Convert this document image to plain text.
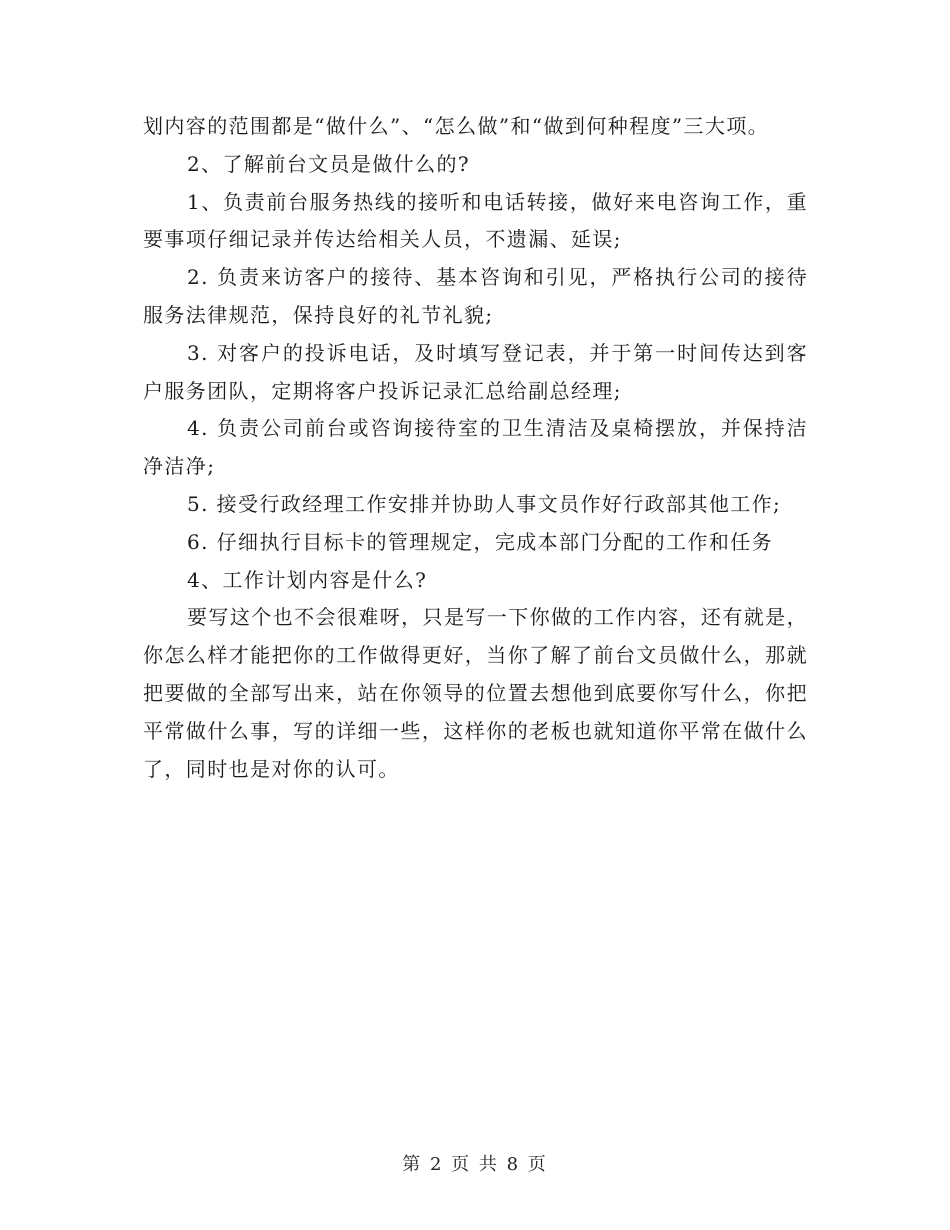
划内容的范围都是“做什么”、“怎么做”和“做到何种程度”三大项。

2、了解前台文员是做什么的?

1、负责前台服务热线的接听和电话转接，做好来电咨询工作，重要事项仔细记录并传达给相关人员，不遗漏、延误;

2. 负责来访客户的接待、基本咨询和引见，严格执行公司的接待服务法律规范，保持良好的礼节礼貌;

3. 对客户的投诉电话，及时填写登记表，并于第一时间传达到客户服务团队，定期将客户投诉记录汇总给副总经理;

4. 负责公司前台或咨询接待室的卫生清洁及桌椅摆放，并保持洁净洁净;

5. 接受行政经理工作安排并协助人事文员作好行政部其他工作;

6. 仔细执行目标卡的管理规定，完成本部门分配的工作和任务

4、工作计划内容是什么?

要写这个也不会很难呀，只是写一下你做的工作内容，还有就是，你怎么样才能把你的工作做得更好，当你了解了前台文员做什么，那就把要做的全部写出来，站在你领导的位置去想他到底要你写什么，你把平常做什么事，写的详细一些，这样你的老板也就知道你平常在做什么了，同时也是对你的认可。

第 2 页 共 8 页
